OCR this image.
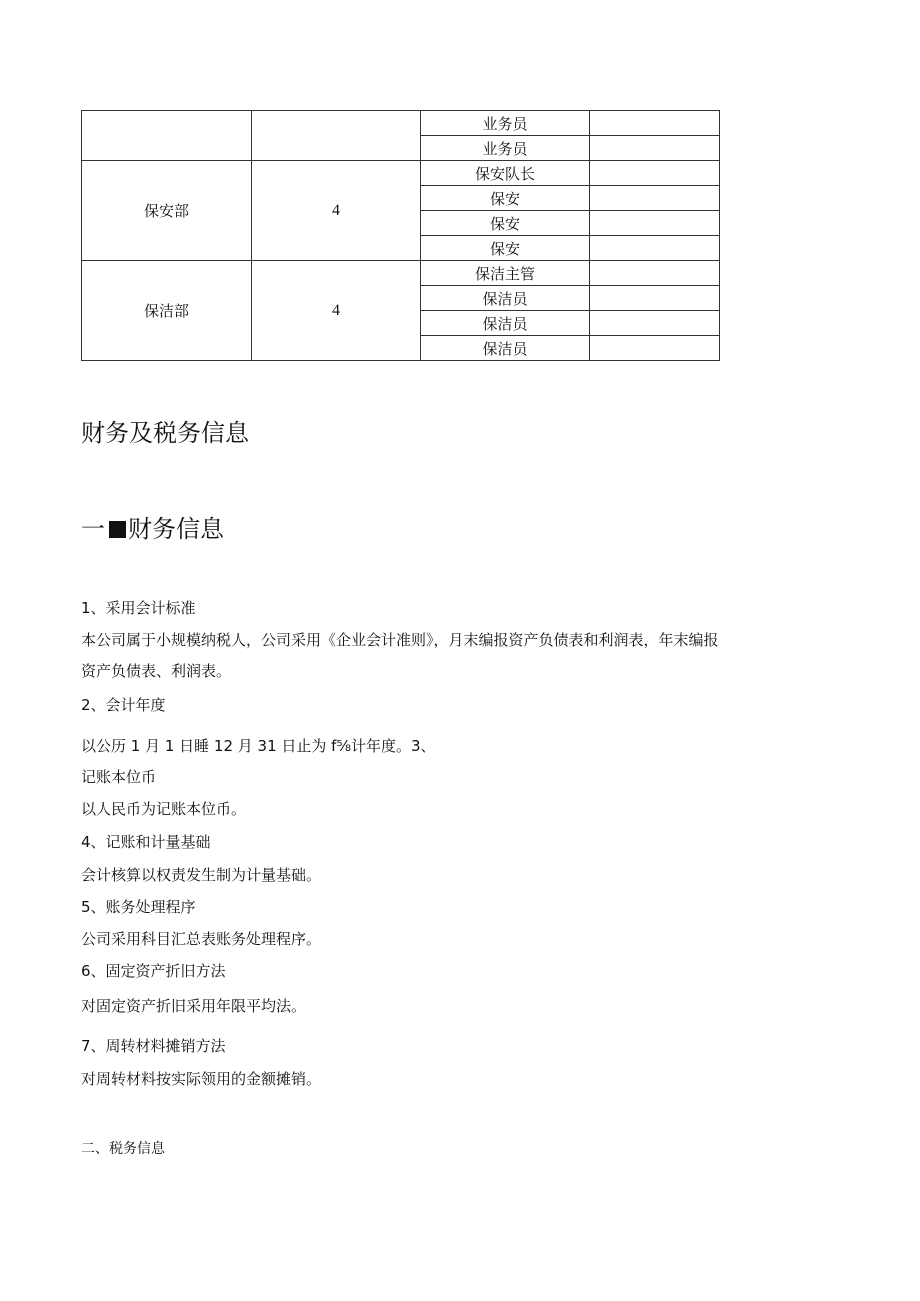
		业务员	
		业务员	
保安部	4	保安队长	
		保安	
		保安	
		保安	
保洁部	4	保洁主管	
		保洁员	
		保洁员	
		保洁员	
财务及税务信息
一 财务信息

1、采用会计标准

本公司属于小规模纳税人，公司采用《企业会计准则》，月末编报资产负债表和利润表，年末编报

资产负债表、利润表。

2、会计年度

以公历 1 月 1 日睡 12 月 31 日止为 f⅝计年度。3、

记账本位币

以人民币为记账本位币。

4、记账和计量基础

会计核算以权责发生制为计量基础。

5、账务处理程序

公司采用科目汇总表账务处理程序。

6、固定资产折旧方法

对固定资产折旧采用年限平均法。

7、周转材料摊销方法

对周转材料按实际领用的金额摊销。

二、税务信息
